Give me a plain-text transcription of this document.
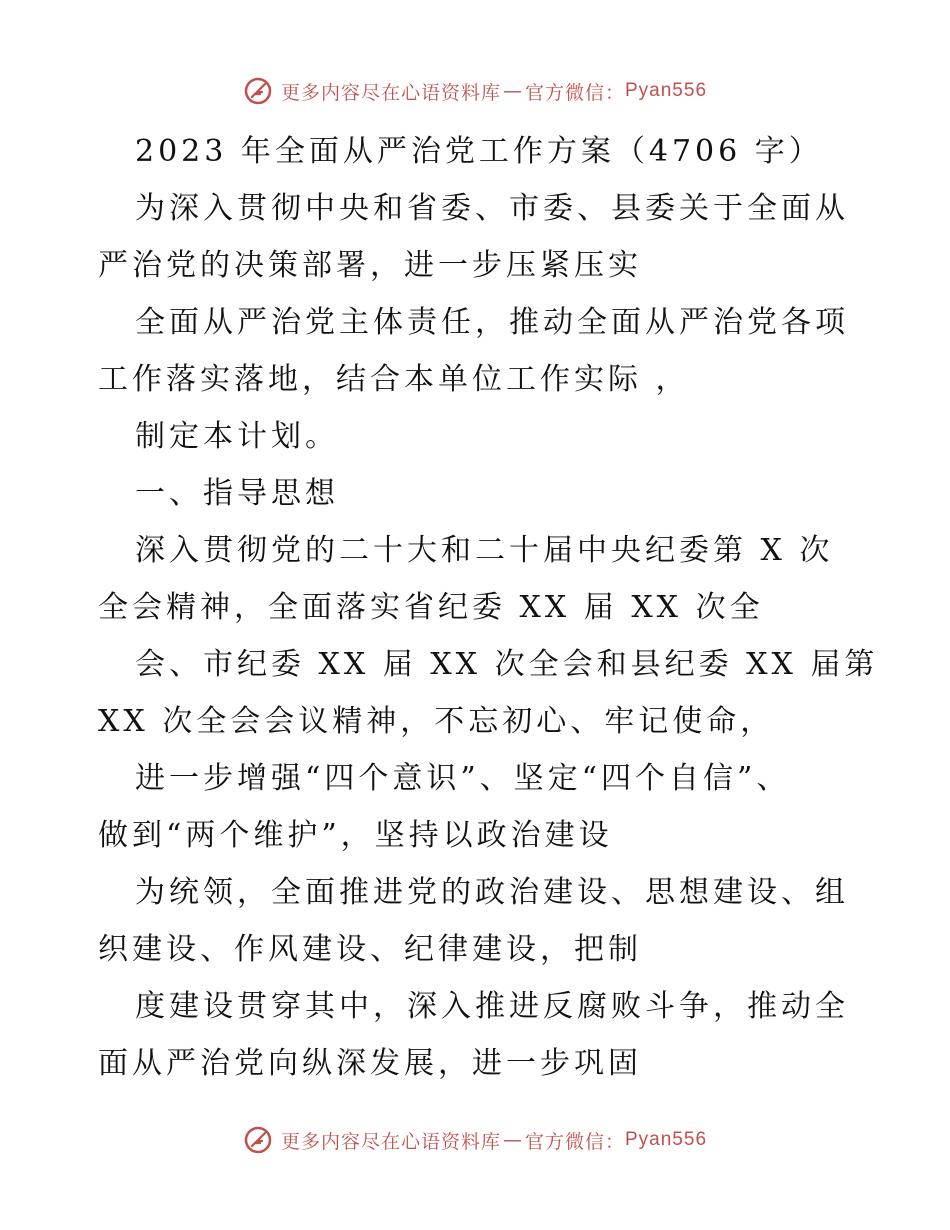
更多内容尽在心语资料库 — 官方微信： Pyan556
2023 年全面从严治党工作方案（4706 字）
为深入贯彻中央和省委、市委、县委关于全面从
严治党的决策部署，进一步压紧压实
全面从严治党主体责任，推动全面从严治党各项
工作落实落地，结合本单位工作实际 ，
制定本计划。
一、指导思想
深入贯彻党的二十大和二十届中央纪委第 X 次
全会精神，全面落实省纪委 XX 届 XX 次全
会、市纪委 XX 届 XX 次全会和县纪委 XX 届第
XX 次全会会议精神，不忘初心、牢记使命，
进一步增强“四个意识”、坚定“四个自信”、
做到“两个维护”，坚持以政治建设
为统领，全面推进党的政治建设、思想建设、组
织建设、作风建设、纪律建设，把制
度建设贯穿其中，深入推进反腐败斗争，推动全
面从严治党向纵深发展，进一步巩固
更多内容尽在心语资料库 — 官方微信： Pyan556
